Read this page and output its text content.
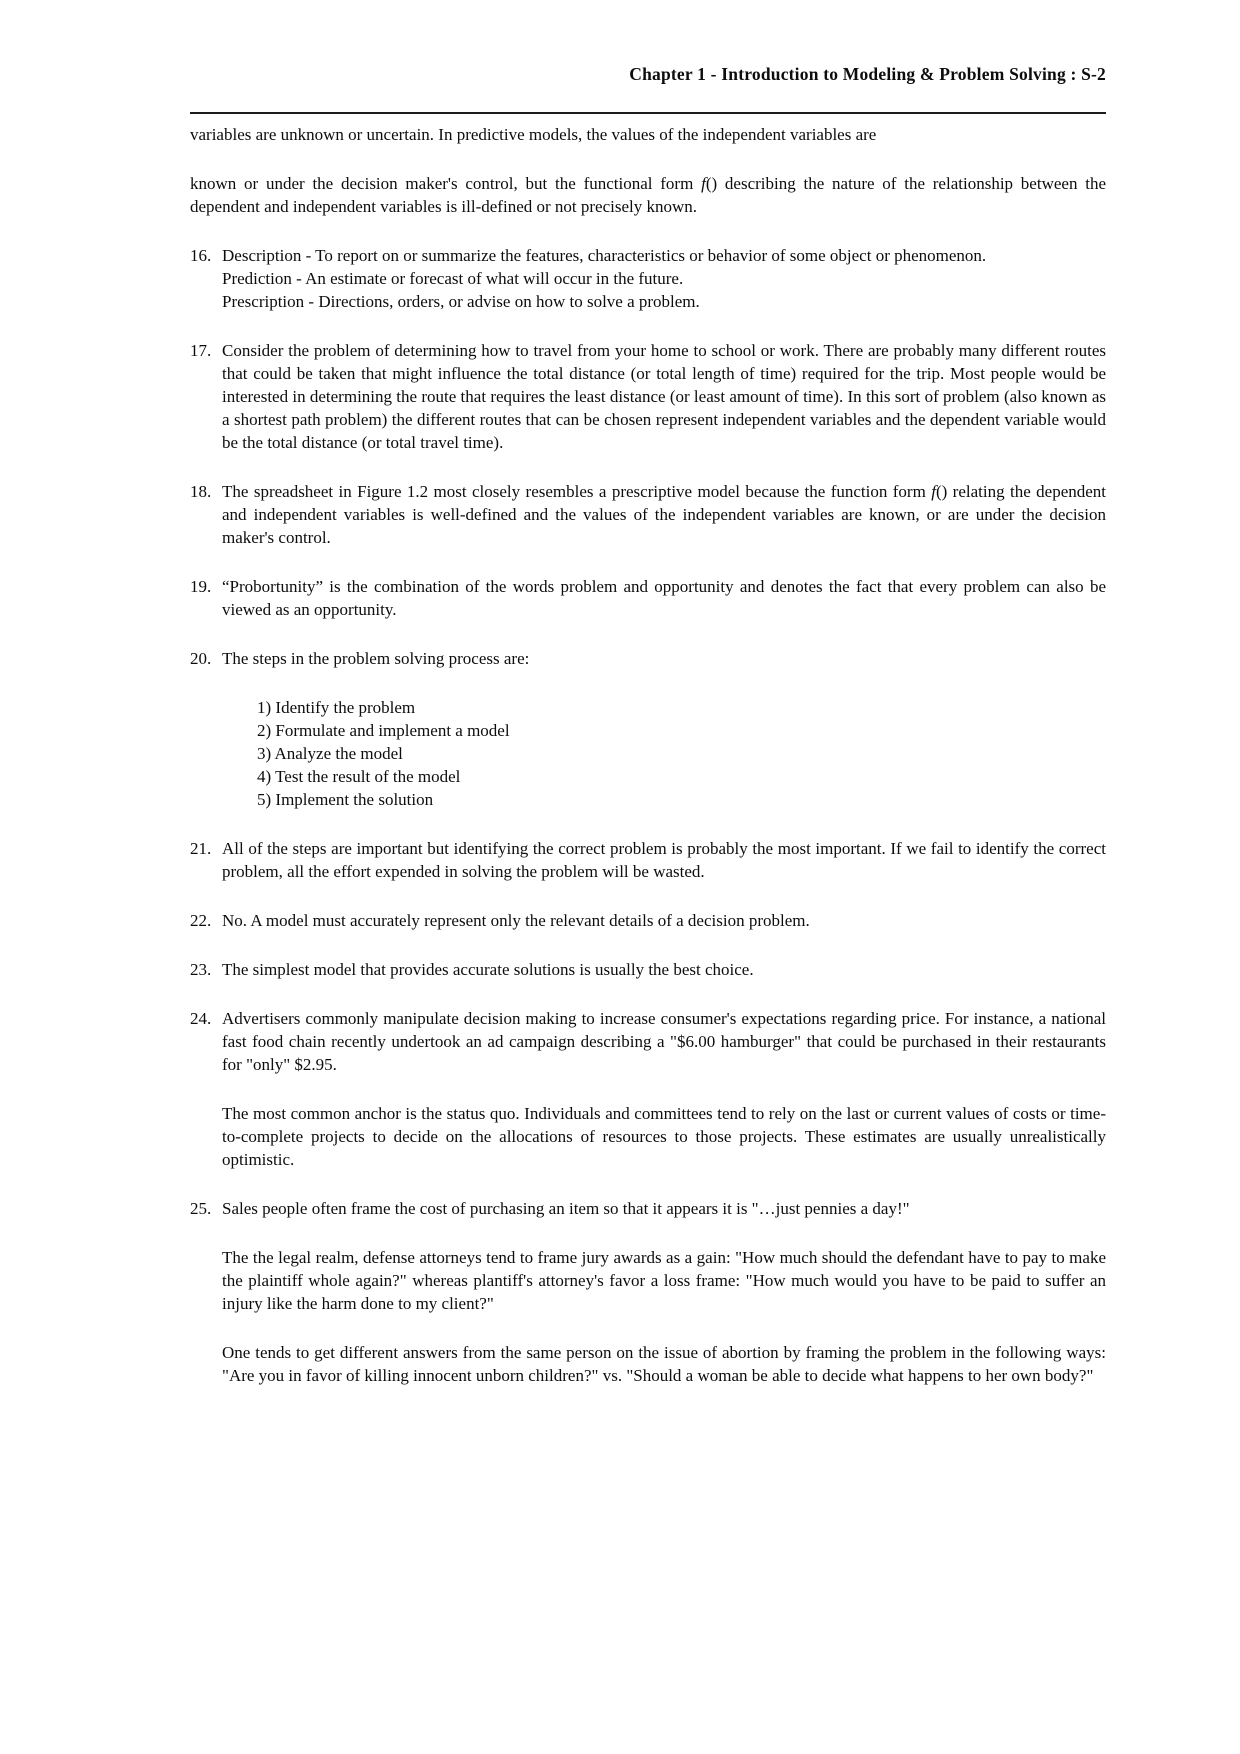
Chapter 1 - Introduction to Modeling & Problem Solving : S-2

variables are unknown or uncertain. In predictive models, the values of the independent variables are

known or under the decision maker's control, but the functional form f() describing the nature of the relationship between the dependent and independent variables is ill-defined or not precisely known.

16. Description - To report on or summarize the features, characteristics or behavior of some object or phenomenon.

Prediction - An estimate or forecast of what will occur in the future.

Prescription - Directions, orders, or advise on how to solve a problem.

17. Consider the problem of determining how to travel from your home to school or work. There are probably many different routes that could be taken that might influence the total distance (or total length of time) required for the trip. Most people would be interested in determining the route that requires the least distance (or least amount of time). In this sort of problem (also known as a shortest path problem) the different routes that can be chosen represent independent variables and the dependent variable would be the total distance (or total travel time).

18. The spreadsheet in Figure 1.2 most closely resembles a prescriptive model because the function form f() relating the dependent and independent variables is well-defined and the values of the independent variables are known, or are under the decision maker's control.

19. “Probortunity” is the combination of the words problem and opportunity and denotes the fact that every problem can also be viewed as an opportunity.

20. The steps in the problem solving process are:

1) Identify the problem

2) Formulate and implement a model

3) Analyze the model

4) Test the result of the model

5) Implement the solution

21. All of the steps are important but identifying the correct problem is probably the most important. If we fail to identify the correct problem, all the effort expended in solving the problem will be wasted.

22. No. A model must accurately represent only the relevant details of a decision problem.

23. The simplest model that provides accurate solutions is usually the best choice.

24. Advertisers commonly manipulate decision making to increase consumer's expectations regarding price. For instance, a national fast food chain recently undertook an ad campaign describing a "$6.00 hamburger" that could be purchased in their restaurants for "only" $2.95.

The most common anchor is the status quo. Individuals and committees tend to rely on the last or current values of costs or time-to-complete projects to decide on the allocations of resources to those projects. These estimates are usually unrealistically optimistic.

25. Sales people often frame the cost of purchasing an item so that it appears it is "…just pennies a day!"

The the legal realm, defense attorneys tend to frame jury awards as a gain: "How much should the defendant have to pay to make the plaintiff whole again?" whereas plantiff's attorney's favor a loss frame: "How much would you have to be paid to suffer an injury like the harm done to my client?"

One tends to get different answers from the same person on the issue of abortion by framing the problem in the following ways: "Are you in favor of killing innocent unborn children?" vs. "Should a woman be able to decide what happens to her own body?"
